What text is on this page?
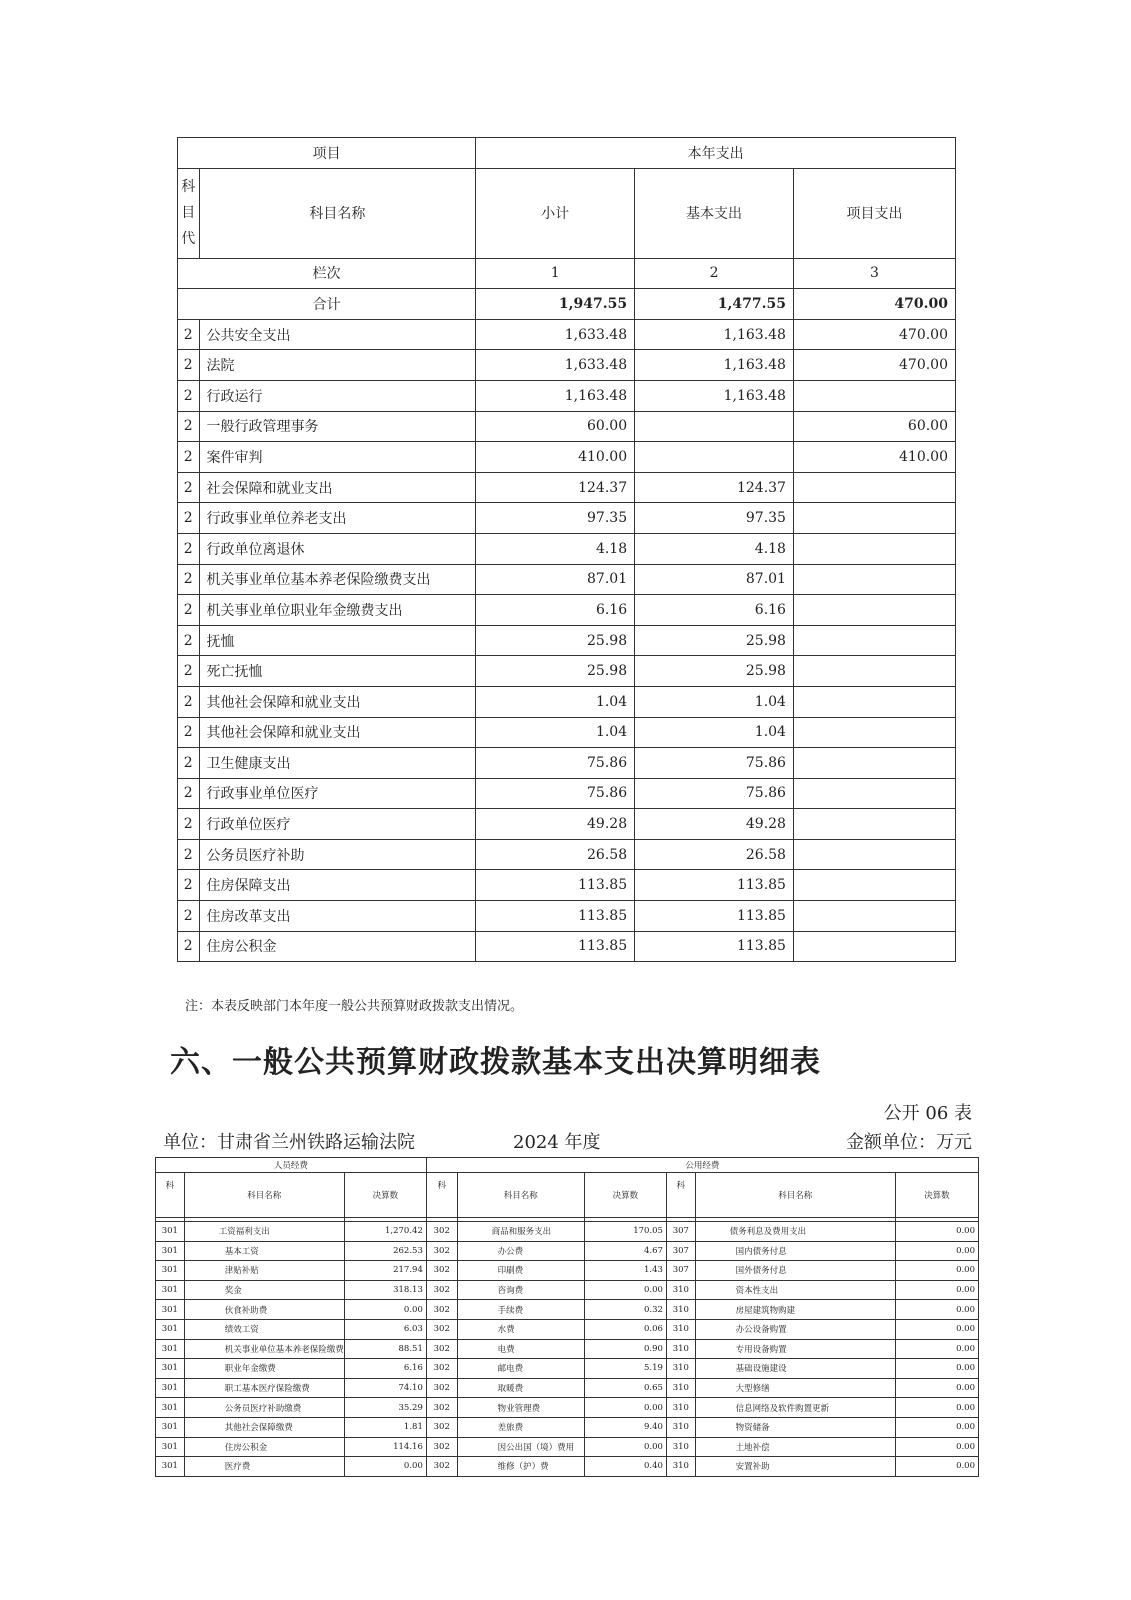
项目		本年支出		

科
目
代	科目名称	小计	基本支出	项目支出
栏次		1	2	3
合计		1,947.55	1,477.55	470.00
2	公共安全支出	1,633.48	1,163.48	470.00
2	法院	1,633.48	1,163.48	470.00
2	行政运行	1,163.48	1,163.48	
2	一般行政管理事务	60.00		60.00
2	案件审判	410.00		410.00
2	社会保障和就业支出	124.37	124.37	
2	行政事业单位养老支出	97.35	97.35	
2	行政单位离退休	4.18	4.18	
2	机关事业单位基本养老保险缴费支出	87.01	87.01	
2	机关事业单位职业年金缴费支出	6.16	6.16	
2	抚恤	25.98	25.98	
2	死亡抚恤	25.98	25.98	
2	其他社会保障和就业支出	1.04	1.04	
2	其他社会保障和就业支出	1.04	1.04	
2	卫生健康支出	75.86	75.86	
2	行政事业单位医疗	75.86	75.86	
2	行政单位医疗	49.28	49.28	
2	公务员医疗补助	26.58	26.58	
2	住房保障支出	113.85	113.85	
2	住房改革支出	113.85	113.85	
2	住房公积金	113.85	113.85	
注：本表反映部门本年度一般公共预算财政拨款支出情况。
六、一般公共预算财政拨款基本支出决算明细表
公开 06 表
单位：甘肃省兰州铁路运输法院	2024 年度	金额单位：万元
人员经费			公用经费					
科	科目名称	决算数	科	科目名称	决算数	科	科目名称	决算数

301	工资福利支出	1,270.42	302	商品和服务支出	170.05	307	债务利息及费用支出	0.00
301	基本工资	262.53	302	办公费	4.67	307	国内债务付息	0.00
301	津贴补贴	217.94	302	印刷费	1.43	307	国外债务付息	0.00
301	奖金	318.13	302	咨询费	0.00	310	资本性支出	0.00
301	伙食补助费	0.00	302	手续费	0.32	310	房屋建筑物购建	0.00
301	绩效工资	6.03	302	水费	0.06	310	办公设备购置	0.00
301	机关事业单位基本养老保险缴费	88.51	302	电费	0.90	310	专用设备购置	0.00
301	职业年金缴费	6.16	302	邮电费	5.19	310	基础设施建设	0.00
301	职工基本医疗保险缴费	74.10	302	取暖费	0.65	310	大型修缮	0.00
301	公务员医疗补助缴费	35.29	302	物业管理费	0.00	310	信息网络及软件购置更新	0.00
301	其他社会保障缴费	1.81	302	差旅费	9.40	310	物资储备	0.00
301	住房公积金	114.16	302	因公出国（境）费用	0.00	310	土地补偿	0.00
301	医疗费	0.00	302	维修（护）费	0.40	310	安置补助	0.00
